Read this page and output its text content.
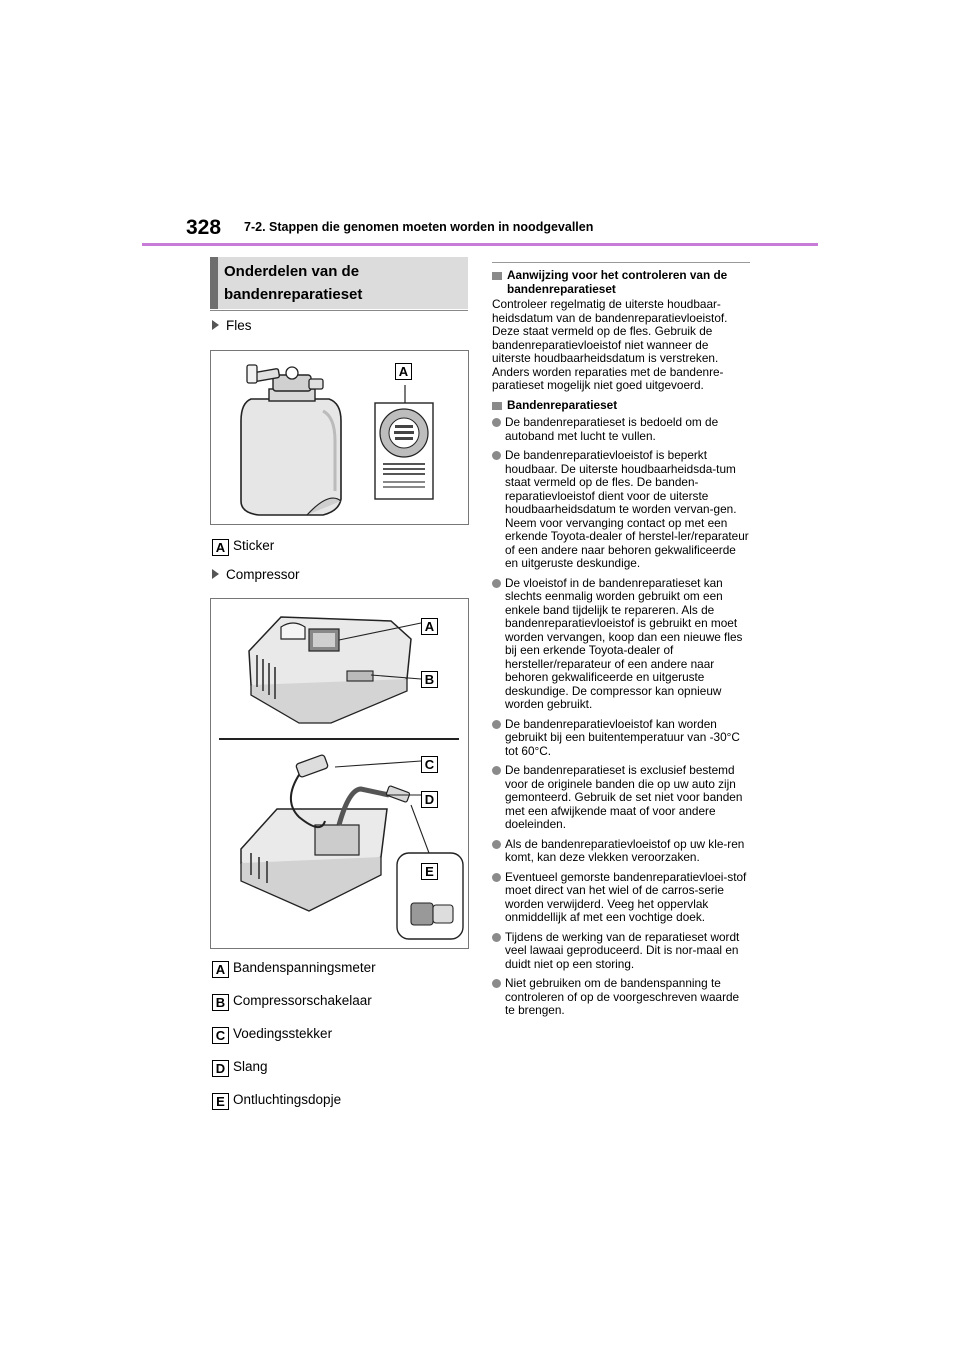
328 7-2. Stappen die genomen moeten worden in noodgevallen
Onderdelen van de bandenreparatieset
Fles
A
A Sticker
Compressor
A
B
C
D
E
A Bandenspanningsmeter
B Compressorschakelaar
C Voedingsstekker
D Slang
E Ontluchtingsdopje
Aanwijzing voor het controleren van de bandenreparatieset

Controleer regelmatig de uiterste houdbaar-heidsdatum van de bandenreparatievloeistof. Deze staat vermeld op de fles. Gebruik de bandenreparatievloeistof niet wanneer de uiterste houdbaarheidsdatum is verstreken. Anders worden reparaties met de bandenre-paratieset mogelijk niet goed uitgevoerd.

Bandenreparatieset
De bandenreparatieset is bedoeld om de autoband met lucht te vullen.
De bandenreparatievloeistof is beperkt houdbaar. De uiterste houdbaarheidsda-tum staat vermeld op de fles. De banden-reparatievloeistof dient voor de uiterste houdbaarheidsdatum te worden vervan-gen. Neem voor vervanging contact op met een erkende Toyota-dealer of herstel-ler/reparateur of een andere naar behoren gekwalificeerde en uitgeruste deskundige.
De vloeistof in de bandenreparatieset kan slechts eenmalig worden gebruikt om een enkele band tijdelijk te repareren. Als de bandenreparatievloeistof is gebruikt en moet worden vervangen, koop dan een nieuwe fles bij een erkende Toyota-dealer of hersteller/reparateur of een andere naar behoren gekwalificeerde en uitgeruste deskundige. De compressor kan opnieuw worden gebruikt.
De bandenreparatievloeistof kan worden gebruikt bij een buitentemperatuur van -30°C tot 60°C.
De bandenreparatieset is exclusief bestemd voor de originele banden die op uw auto zijn gemonteerd. Gebruik de set niet voor banden met een afwijkende maat of voor andere doeleinden.
Als de bandenreparatievloeistof op uw kle-ren komt, kan deze vlekken veroorzaken.
Eventueel gemorste bandenreparatievloei-stof moet direct van het wiel of de carros-serie worden verwijderd. Veeg het oppervlak onmiddellijk af met een vochtige doek.
Tijdens de werking van de reparatieset wordt veel lawaai geproduceerd. Dit is nor-maal en duidt niet op een storing.
Niet gebruiken om de bandenspanning te controleren of op de voorgeschreven waarde te brengen.
